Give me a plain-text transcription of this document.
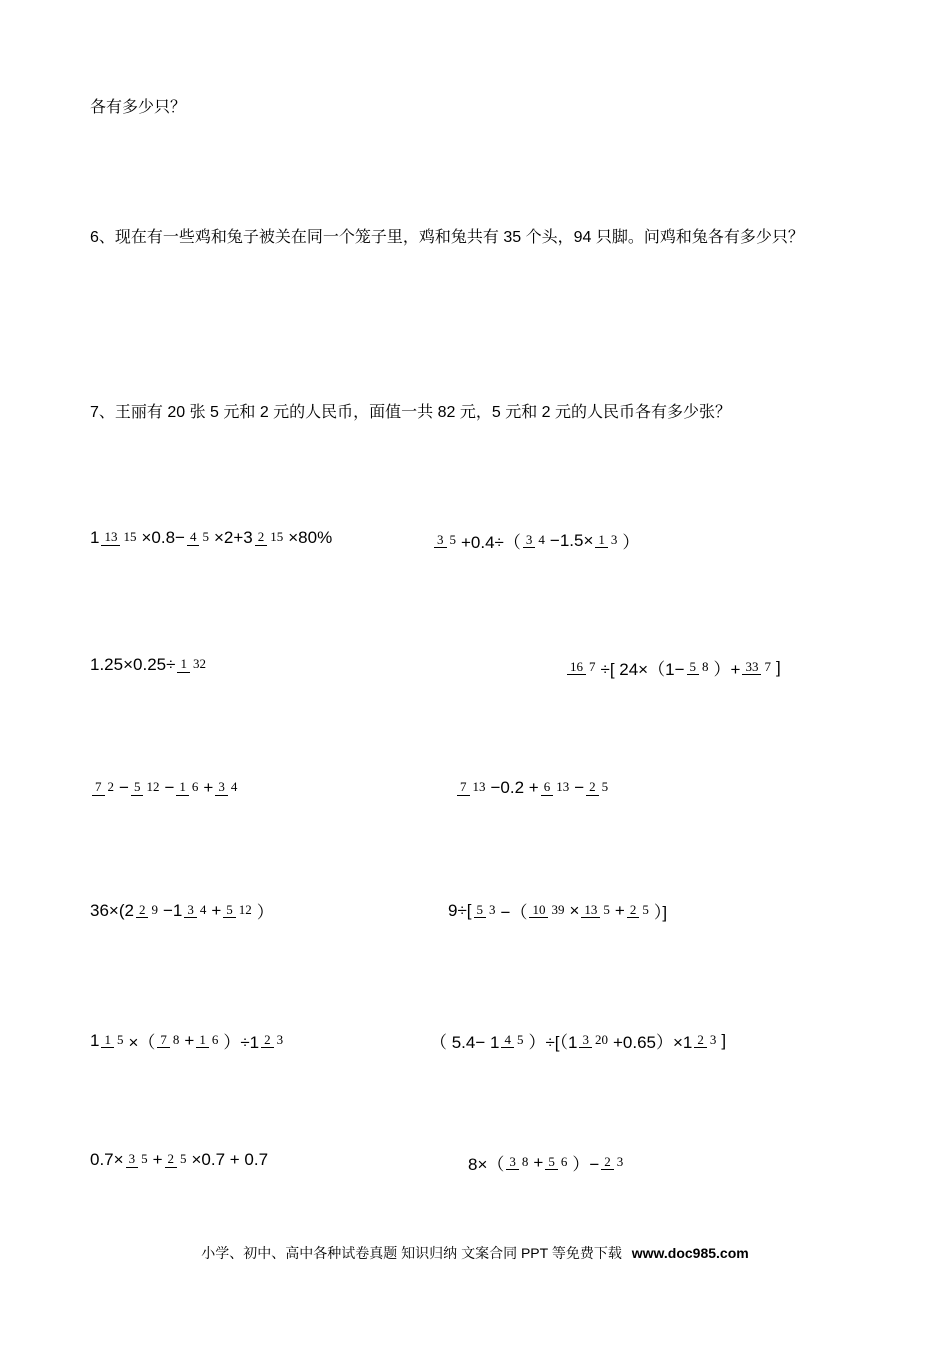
各有多少只？
6、现在有一些鸡和兔子被关在同一个笼子里，鸡和兔共有 35 个头，94 只脚。问鸡和兔各有多少只？
7、王丽有 20 张 5 元和 2 元的人民币，面值一共 82 元，5 元和 2 元的人民币各有多少张？
1 13 15 ×0.8− 4 5 ×2+3 2 15 ×80%	3 5 +0.4÷（ 3 4 −1.5× 1 3 ）
1.25×0.25÷ 1 32	16 7 ÷[ 24×（1− 5 8 ）+ 33 7 ]
7 2 − 5 12 − 1 6 + 3 4	7 13 −0.2 + 6 13 − 2 5
36×(2 2 9 −1 3 4 + 5 12 ）	9÷[ 5 3 −（ 10 39 × 13 5 + 2 5 ）]
1 1 5 ×（ 7 8 + 1 6 ）÷1 2 3	（ 5.4− 1 4 5 ）÷[（1 3 20 +0.65）×1 2 3 ]
0.7× 3 5 + 2 5 ×0.7 + 0.7	8×（ 3 8 + 5 6 ）− 2 3
小学、初中、高中各种试卷真题 知识归纳 文案合同 PPT 等免费下载 www.doc985.com
